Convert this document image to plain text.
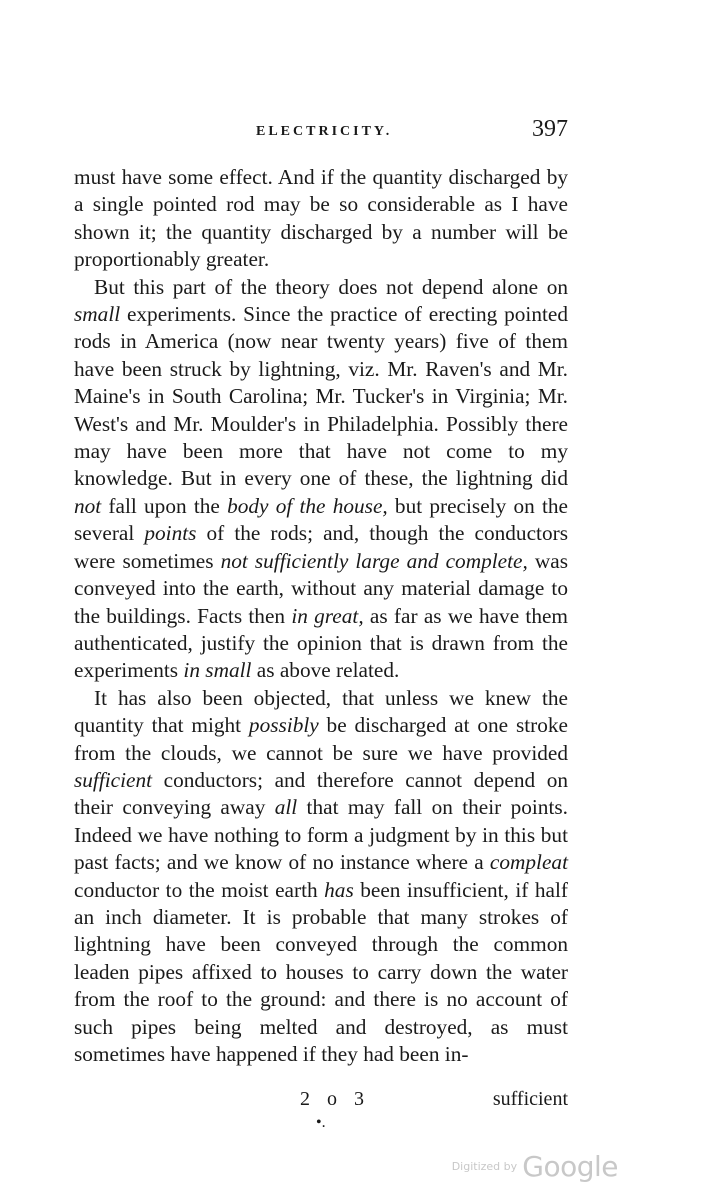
ELECTRICITY.	397

must have some effect. And if the quantity discharged by a single pointed rod may be so considerable as I have shown it; the quantity discharged by a number will be proportionably greater.

But this part of the theory does not depend alone on small experiments. Since the practice of erecting pointed rods in America (now near twenty years) five of them have been struck by lightning, viz. Mr. Raven's and Mr. Maine's in South Carolina; Mr. Tucker's in Virginia; Mr. West's and Mr. Moulder's in Philadelphia. Possibly there may have been more that have not come to my knowledge. But in every one of these, the lightning did not fall upon the body of the house, but precisely on the several points of the rods; and, though the conductors were sometimes not sufficiently large and complete, was conveyed into the earth, without any material damage to the buildings. Facts then in great, as far as we have them authenticated, justify the opinion that is drawn from the experiments in small as above related.

It has also been objected, that unless we knew the quantity that might possibly be discharged at one stroke from the clouds, we cannot be sure we have provided sufficient conductors; and therefore cannot depend on their conveying away all that may fall on their points. Indeed we have nothing to form a judgment by in this but past facts; and we know of no instance where a compleat conductor to the moist earth has been insufficient, if half an inch diameter. It is probable that many strokes of lightning have been conveyed through the common leaden pipes affixed to houses to carry down the water from the roof to the ground: and there is no account of such pipes being melted and destroyed, as must sometimes have happened if they had been in-

2 o 3	sufficient
•.
Digitized by Google
